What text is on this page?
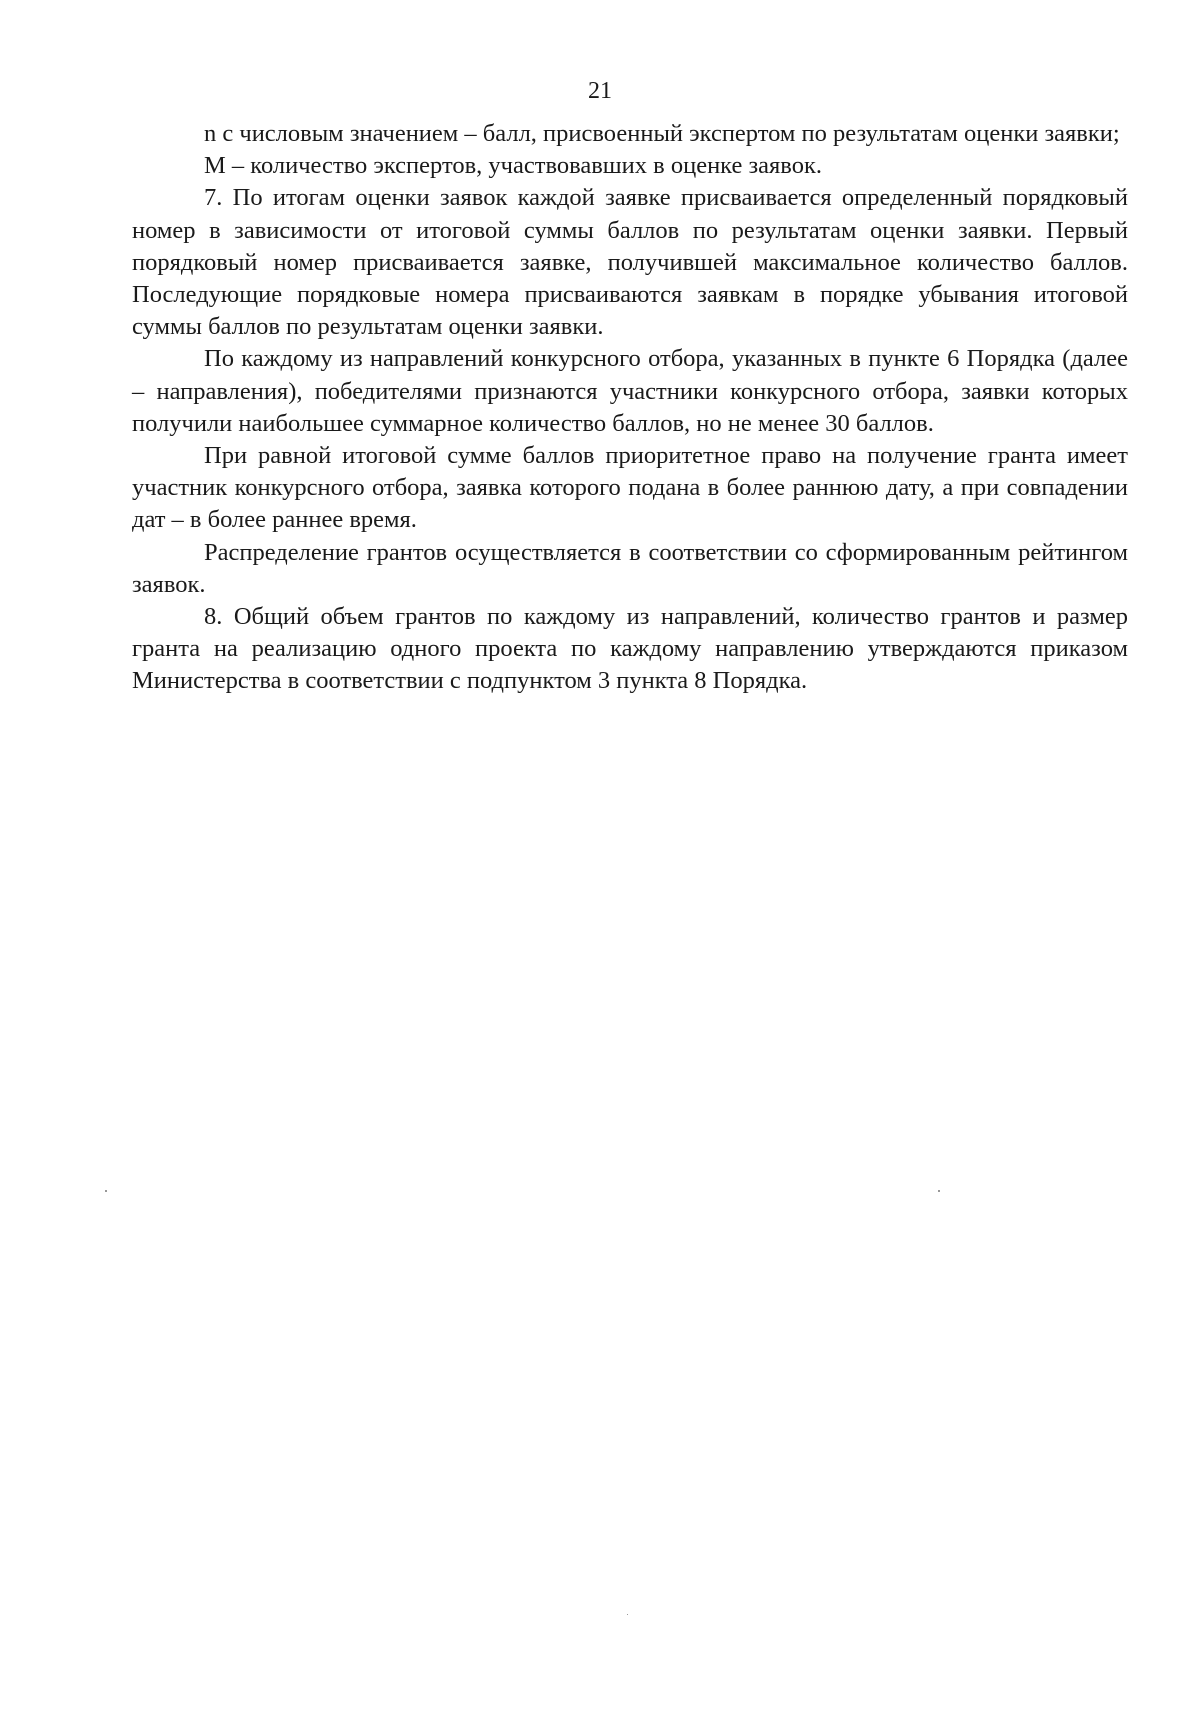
21

n с числовым значением – балл, присвоенный экспертом по результатам оценки заявки;

M – количество экспертов, участвовавших в оценке заявок.

7. По итогам оценки заявок каждой заявке присваивается определенный порядковый номер в зависимости от итоговой суммы баллов по результатам оценки заявки. Первый порядковый номер присваивается заявке, получившей максимальное количество баллов. Последующие порядковые номера присваиваются заявкам в порядке убывания итоговой суммы баллов по результатам оценки заявки.

По каждому из направлений конкурсного отбора, указанных в пункте 6 Порядка (далее – направления), победителями признаются участники конкурсного отбора, заявки которых получили наибольшее суммарное количество баллов, но не менее 30 баллов.

При равной итоговой сумме баллов приоритетное право на получение гранта имеет участник конкурсного отбора, заявка которого подана в более раннюю дату, а при совпадении дат – в более раннее время.

Распределение грантов осуществляется в соответствии со сформированным рейтингом заявок.

8. Общий объем грантов по каждому из направлений, количество грантов и размер гранта на реализацию одного проекта по каждому направлению утверждаются приказом Министерства в соответствии с подпунктом 3 пункта 8 Порядка.
